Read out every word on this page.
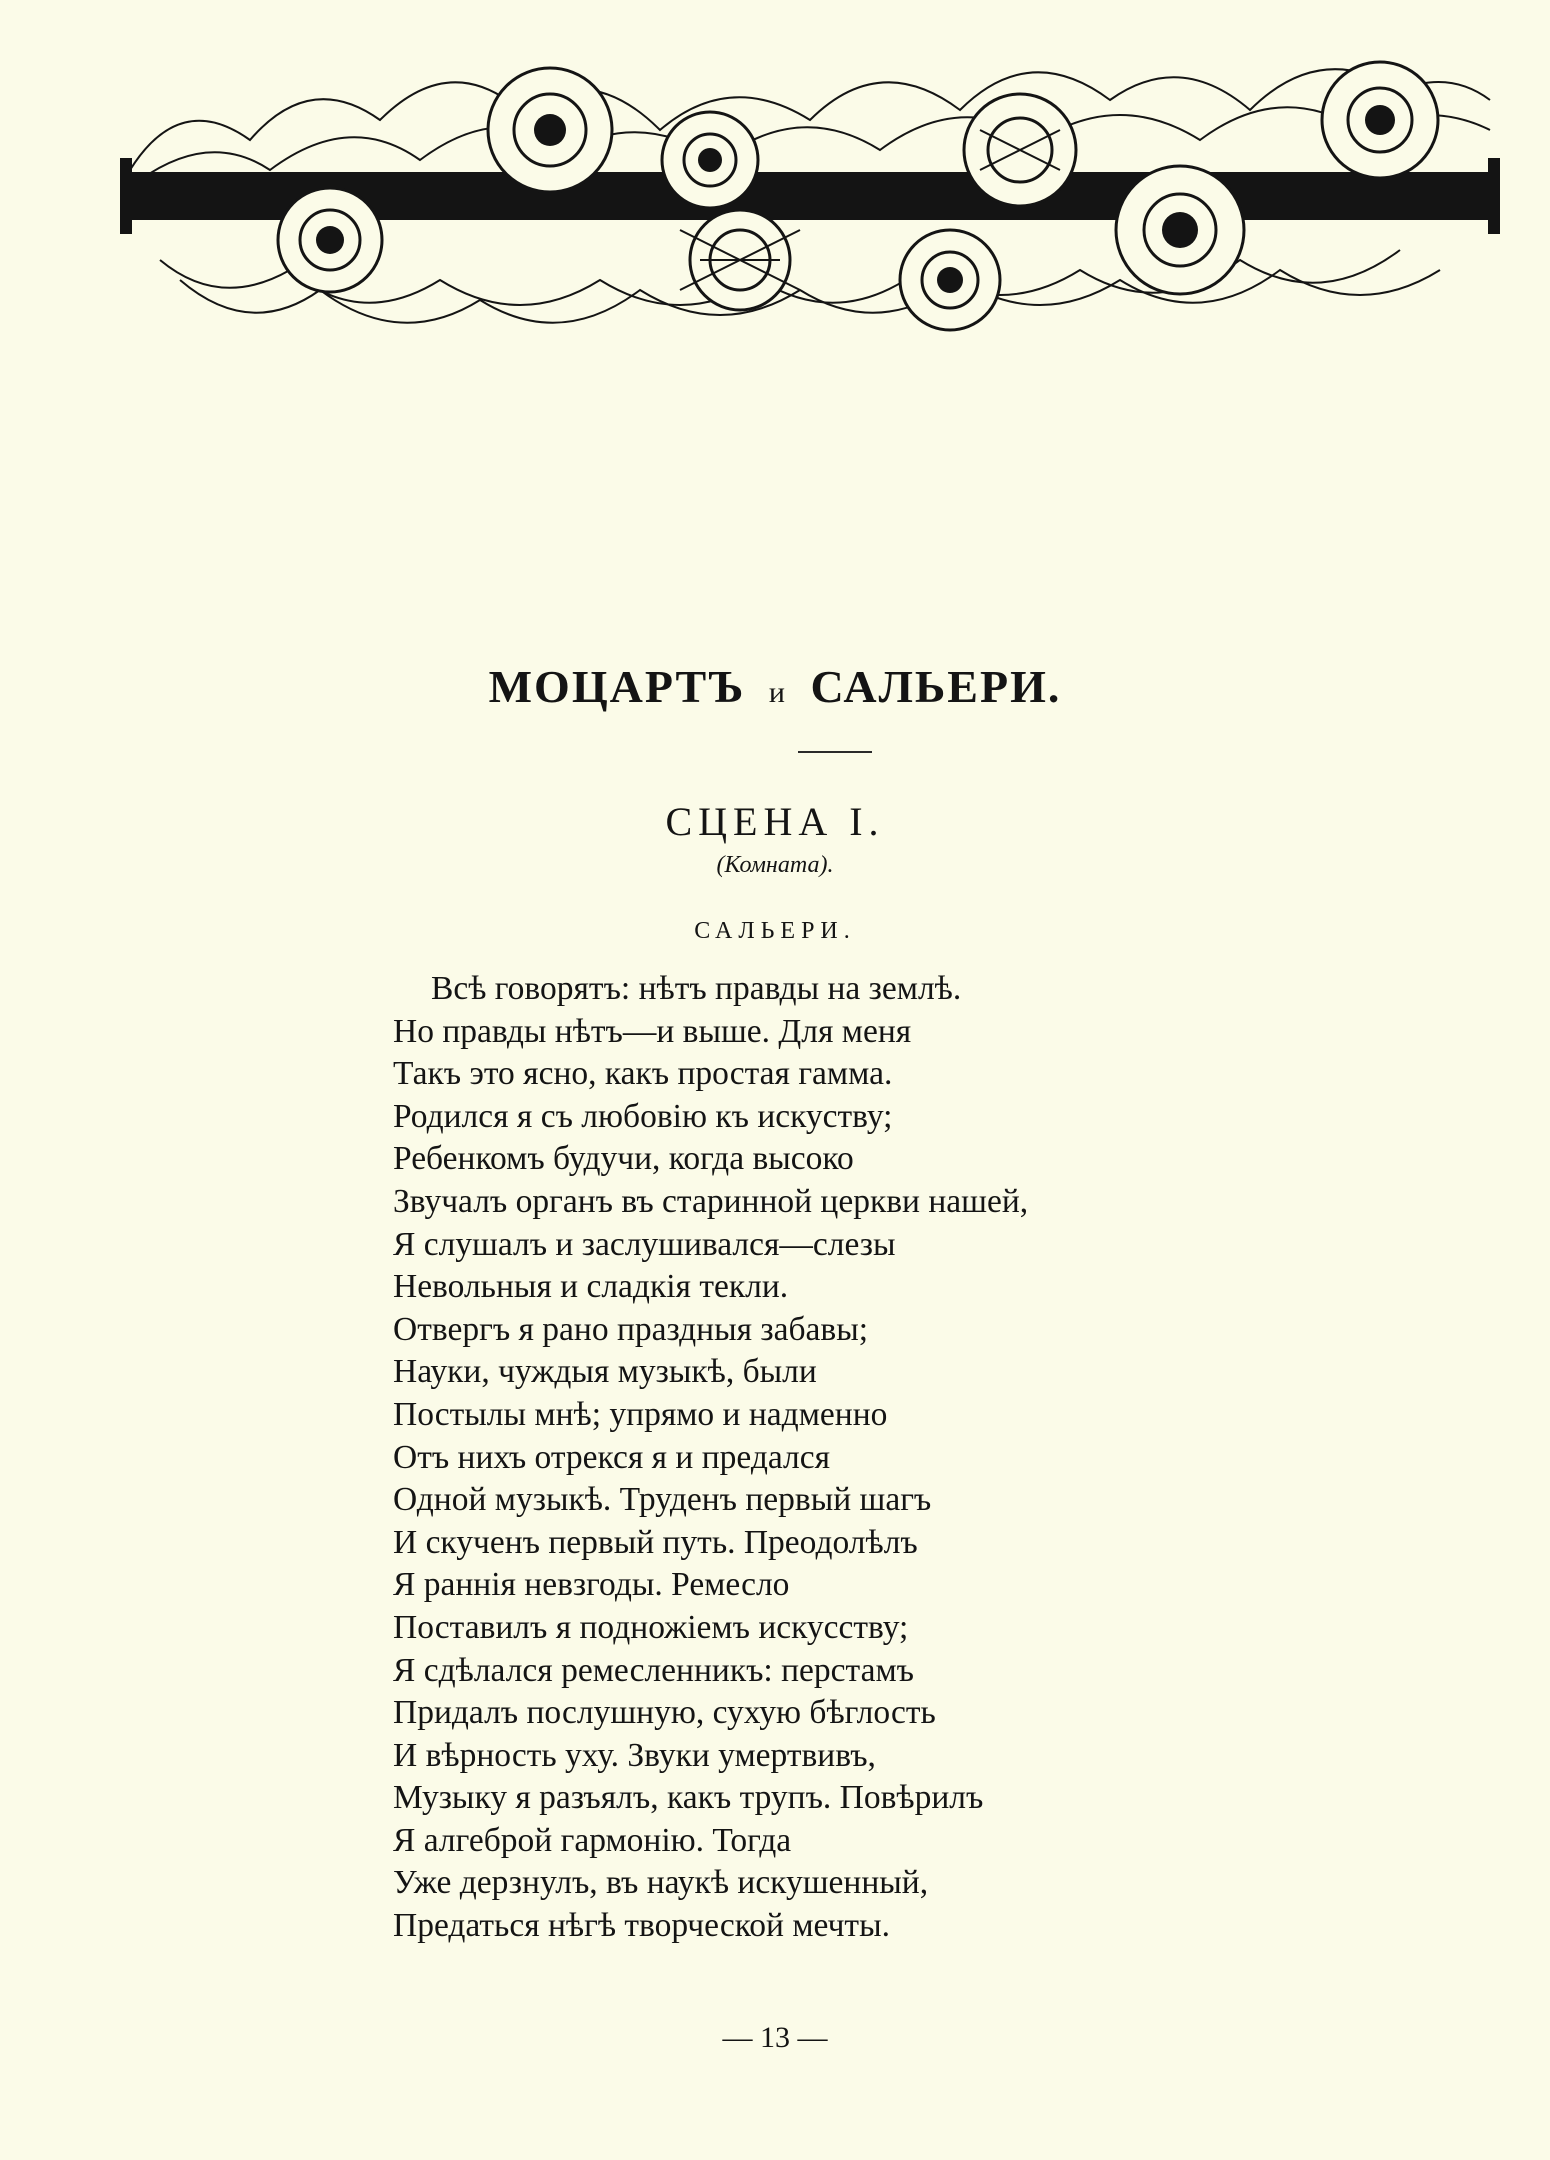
МОЦАРТЪ и САЛЬЕРИ.
СЦЕНА I.
(Комната).
САЛЬЕРИ.
Всѣ говорятъ: нѣтъ правды на землѣ.
Но правды нѣтъ—и выше. Для меня
Такъ это ясно, какъ простая гамма.
Родился я съ любовію къ искуству;
Ребенкомъ будучи, когда высоко
Звучалъ органъ въ старинной церкви нашей,
Я слушалъ и заслушивался—слезы
Невольныя и сладкія текли.
Отвергъ я рано праздныя забавы;
Науки, чуждыя музыкѣ, были
Постылы мнѣ; упрямо и надменно
Отъ нихъ отрекся я и предался
Одной музыкѣ. Труденъ первый шагъ
И скученъ первый путь. Преодолѣлъ
Я раннія невзгоды. Ремесло
Поставилъ я подножіемъ искусству;
Я сдѣлался ремесленникъ: перстамъ
Придалъ послушную, сухую бѣглость
И вѣрность уху. Звуки умертвивъ,
Музыку я разъялъ, какъ трупъ. Повѣрилъ
Я алгеброй гармонію. Тогда
Уже дерзнулъ, въ наукѣ искушенный,
Предаться нѣгѣ творческой мечты.
— 13 —
